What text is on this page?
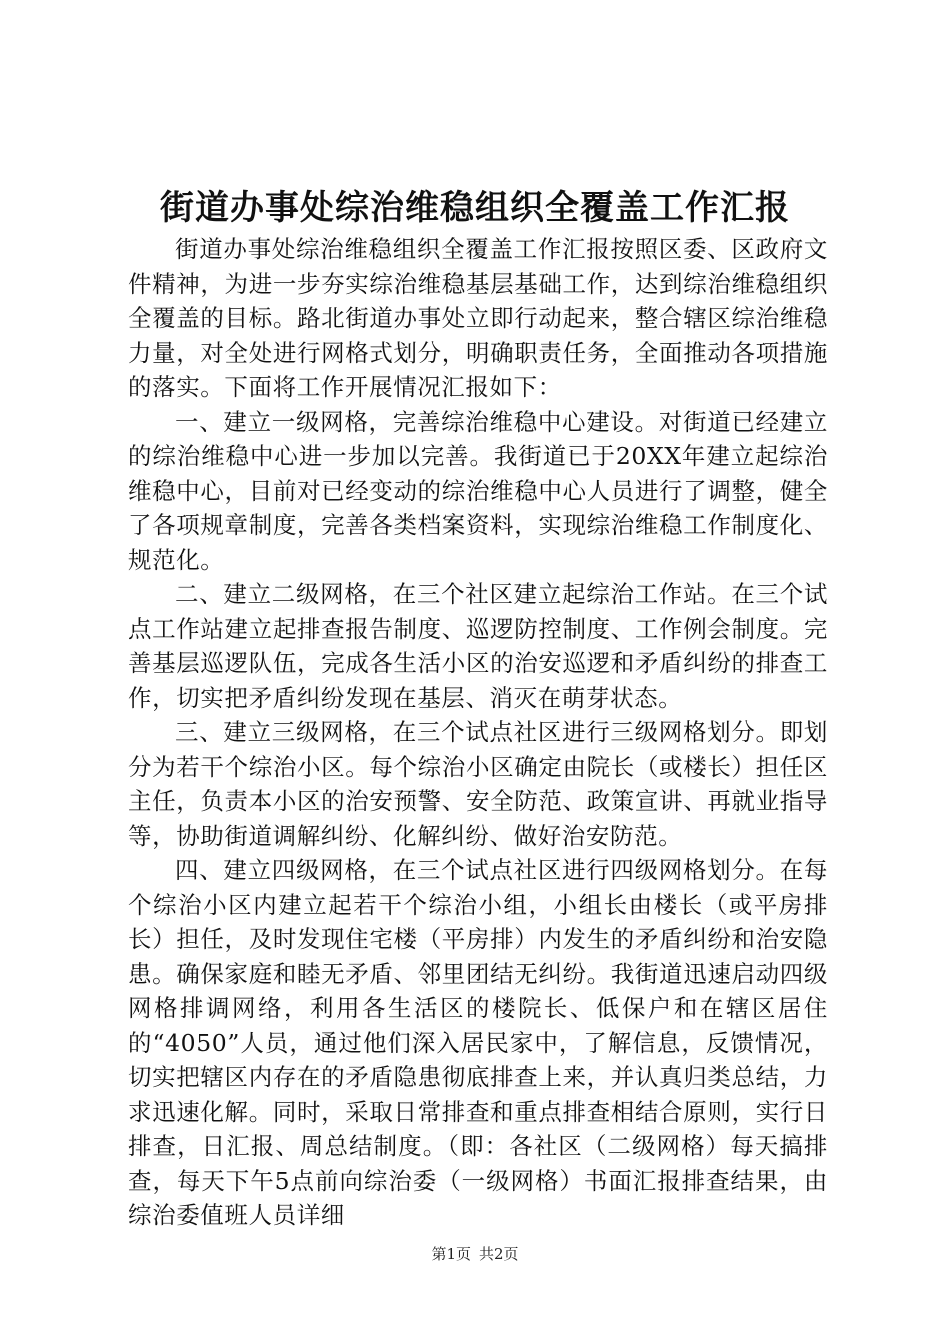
街道办事处综治维稳组织全覆盖工作汇报

街道办事处综治维稳组织全覆盖工作汇报按照区委、区政府文件精神，为进一步夯实综治维稳基层基础工作，达到综治维稳组织全覆盖的目标。路北街道办事处立即行动起来，整合辖区综治维稳力量，对全处进行网格式划分，明确职责任务，全面推动各项措施的落实。下面将工作开展情况汇报如下：

一、建立一级网格，完善综治维稳中心建设。对街道已经建立的综治维稳中心进一步加以完善。我街道已于20XX年建立起综治维稳中心，目前对已经变动的综治维稳中心人员进行了调整，健全了各项规章制度，完善各类档案资料，实现综治维稳工作制度化、规范化。

二、建立二级网格，在三个社区建立起综治工作站。在三个试点工作站建立起排查报告制度、巡逻防控制度、工作例会制度。完善基层巡逻队伍，完成各生活小区的治安巡逻和矛盾纠纷的排查工作，切实把矛盾纠纷发现在基层、消灭在萌芽状态。

三、建立三级网格，在三个试点社区进行三级网格划分。即划分为若干个综治小区。每个综治小区确定由院长（或楼长）担任区主任，负责本小区的治安预警、安全防范、政策宣讲、再就业指导等，协助街道调解纠纷、化解纠纷、做好治安防范。

四、建立四级网格，在三个试点社区进行四级网格划分。在每个综治小区内建立起若干个综治小组，小组长由楼长（或平房排长）担任，及时发现住宅楼（平房排）内发生的矛盾纠纷和治安隐患。确保家庭和睦无矛盾、邻里团结无纠纷。我街道迅速启动四级网格排调网络，利用各生活区的楼院长、低保户和在辖区居住的“4050”人员，通过他们深入居民家中，了解信息，反馈情况，切实把辖区内存在的矛盾隐患彻底排查上来，并认真归类总结，力求迅速化解。同时，采取日常排查和重点排查相结合原则，实行日排查，日汇报、周总结制度。（即：各社区（二级网格）每天搞排查，每天下午5点前向综治委（一级网格）书面汇报排查结果，由综治委值班人员详细

第1页 共2页
